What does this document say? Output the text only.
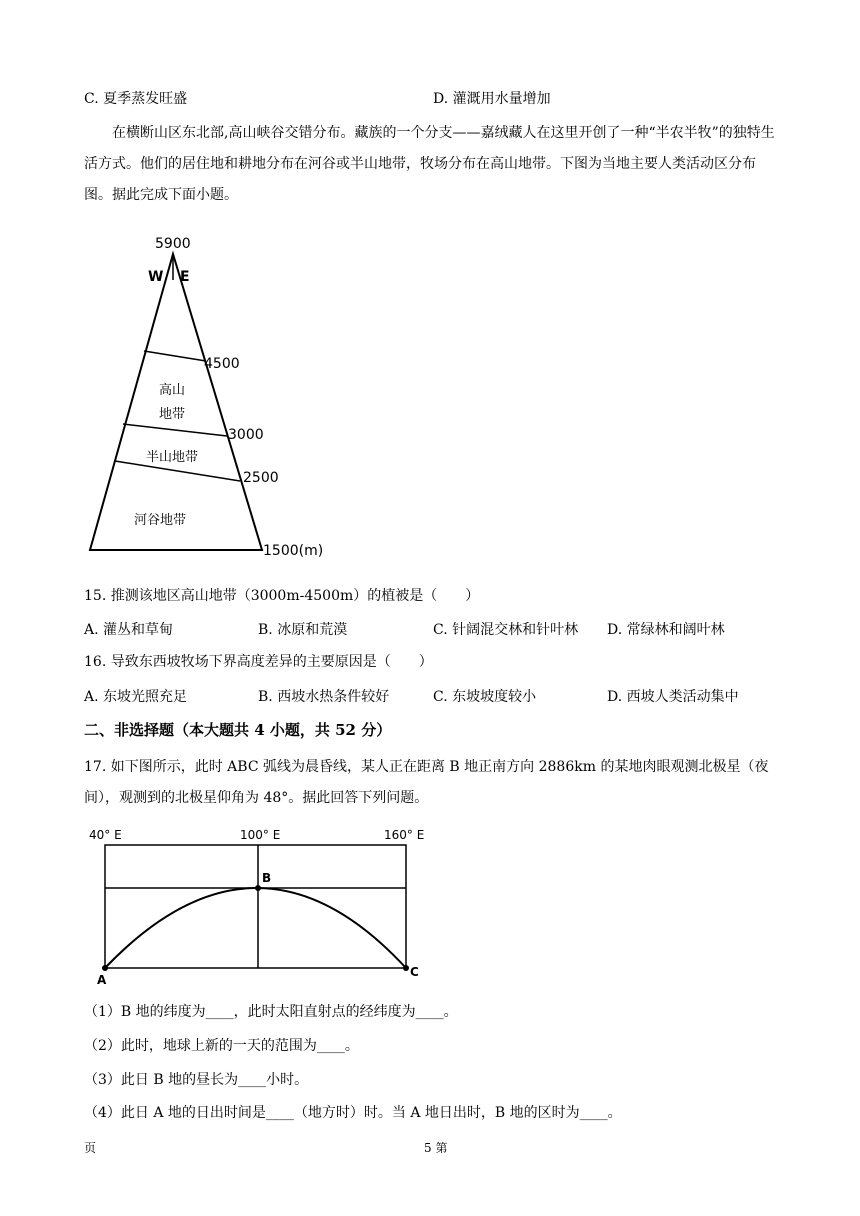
C. 夏季蒸发旺盛	D. 灌溉用水量增加
在横断山区东北部,高山峡谷交错分布。藏族的一个分支——嘉绒藏人在这里开创了一种“半农半牧”的独特生活方式。他们的居住地和耕地分布在河谷或半山地带，牧场分布在高山地带。下图为当地主要人类活动区分布图。据此完成下面小题。
5900
W E
4500
高山
地带
3000
半山地带
2500
河谷地带
1500(m)
15. 推测该地区高山地带（3000m-4500m）的植被是（　　）
A. 灌丛和草甸	B. 冰原和荒漠	C. 针阔混交林和针叶林 D. 常绿林和阔叶林
16. 导致东西坡牧场下界高度差异的主要原因是（　　）
A. 东坡光照充足	B. 西坡水热条件较好	C. 东坡坡度较小	D. 西坡人类活动集中
二、非选择题（本大题共 4 小题，共 52 分）
17. 如下图所示，此时 ABC 弧线为晨昏线，某人正在距离 B 地正南方向 2886km 的某地肉眼观测北极星（夜间），观测到的北极星仰角为 48°。据此回答下列问题。
40° E	100° E	160° E
B
A
C
（1）B 地的纬度为____，此时太阳直射点的经纬度为____。
（2）此时，地球上新的一天的范围为____。
（3）此日 B 地的昼长为____小时。
（4）此日 A 地的日出时间是____（地方时）时。当 A 地日出时，B 地的区时为____。
页	5 第
